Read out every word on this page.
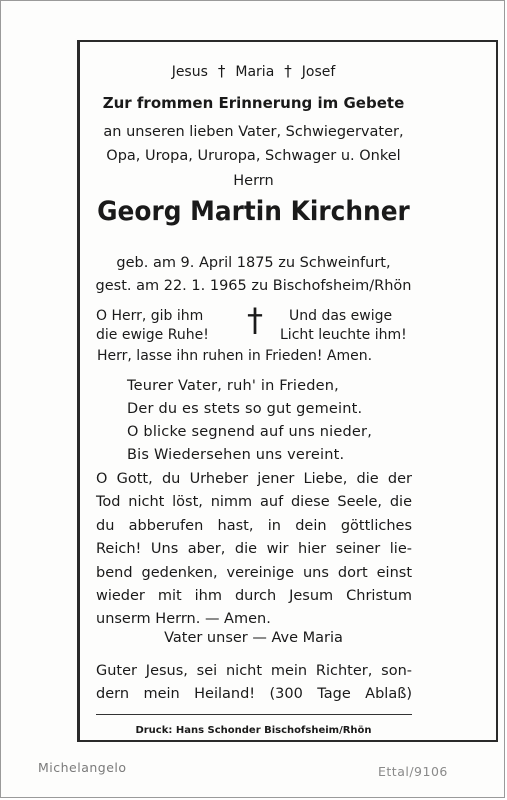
Jesus † Maria † Josef
Zur frommen Erinnerung im Gebete
an unseren lieben Vater, Schwiegervater,
Opa, Uropa, Ururopa, Schwager u. Onkel
Herrn
Georg Martin Kirchner
geb. am 9. April 1875 zu Schweinfurt,
gest. am 22. 1. 1965 zu Bischofsheim/Rhön
O Herr, gib ihm
die ewige Ruhe! † Und das ewige
Licht leuchte ihm!
Herr, lasse ihn ruhen in Frieden! Amen.
Teurer Vater, ruh' in Frieden,
Der du es stets so gut gemeint.
O blicke segnend auf uns nieder,
Bis Wiedersehen uns vereint.
O Gott, du Urheber jener Liebe, die der
Tod nicht löst, nimm auf diese Seele, die
du abberufen hast, in dein göttliches
Reich! Uns aber, die wir hier seiner lie-
bend gedenken, vereinige uns dort einst
wieder mit ihm durch Jesum Christum
unserm Herrn. — Amen.
Vater unser — Ave Maria
Guter Jesus, sei nicht mein Richter, son-
dern mein Heiland! (300 Tage Ablaß)
Druck: Hans Schonder Bischofsheim/Rhön
Michelangelo	Ettal/9106
